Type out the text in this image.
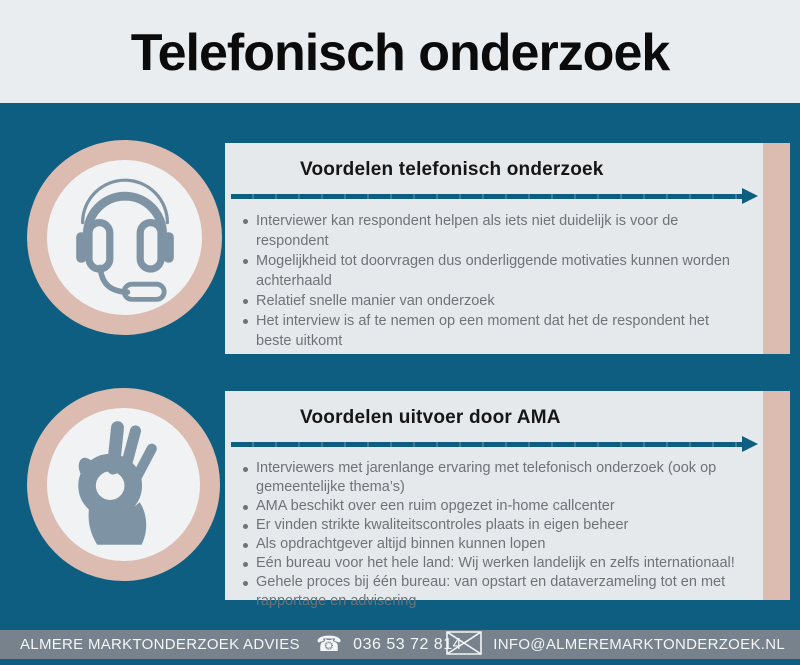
Telefonisch onderzoek
Voordelen telefonisch onderzoek
Interviewer kan respondent helpen als iets niet duidelijk is voor de respondent
Mogelijkheid tot doorvragen dus onderliggende motivaties kunnen worden achterhaald
Relatief snelle manier van onderzoek
Het interview is af te nemen op een moment dat het de respondent het beste uitkomt
Voordelen uitvoer door AMA
Interviewers met jarenlange ervaring met telefonisch onderzoek (ook op gemeentelijke thema’s)
AMA beschikt over een ruim opgezet in-home callcenter
Er vinden strikte kwaliteitscontroles plaats in eigen beheer
Als opdrachtgever altijd binnen kunnen lopen
Eén bureau voor het hele land: Wij werken landelijk en zelfs internationaal!
Gehele proces bij één bureau: van opstart en dataverzameling tot en met rapportage en advisering
ALMERE MARKTONDERZOEK ADVIES ☎ 036 53 72 814 INFO@ALMEREMARKTONDERZOEK.NL
